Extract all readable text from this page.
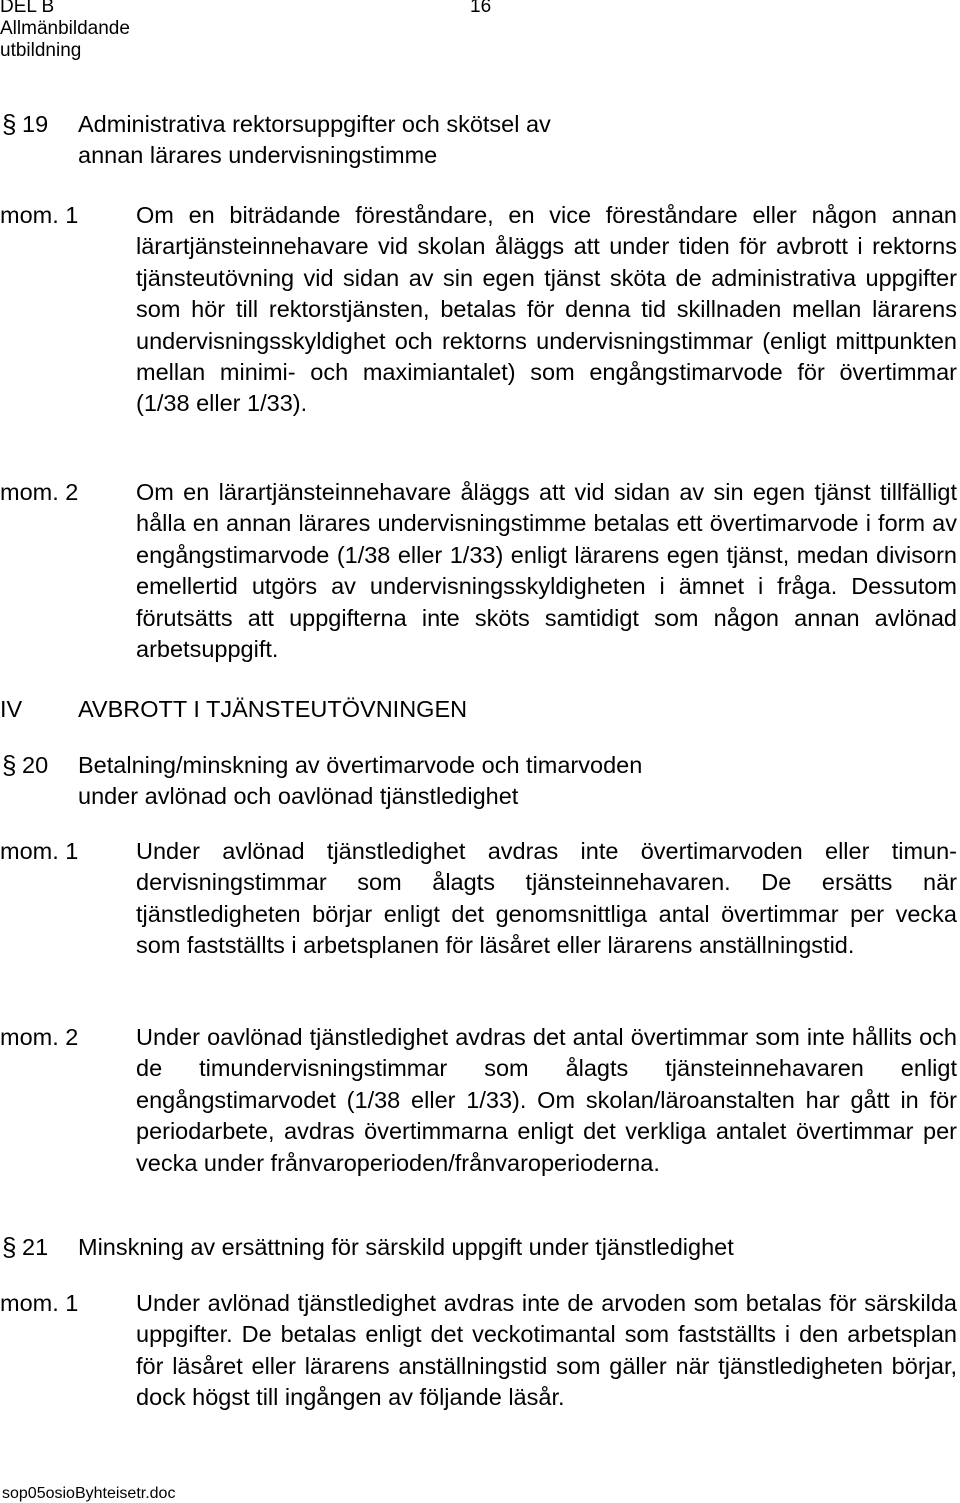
DEL B
Allmänbildande
utbildning
16
§ 19 Administrativa rektorsuppgifter och skötsel av
annan lärares undervisningstimme
mom. 1 Om en biträdande föreståndare, en vice föreståndare eller någon annan lärartjänsteinnehavare vid skolan åläggs att under tiden för avbrott i rektorns tjänsteutövning vid sidan av sin egen tjänst sköta de administrativa uppgifter som hör till rektorstjänsten, betalas för denna tid skillnaden mellan lärarens undervisningsskyldighet och rektorns undervisningstimmar (enligt mittpunkten mellan minimi- och maximiantalet) som engångstimarvode för övertimmar (1/38 eller 1/33).
mom. 2 Om en lärartjänsteinnehavare åläggs att vid sidan av sin egen tjänst tillfälligt hålla en annan lärares undervisningstimme betalas ett övertimarvode i form av engångstimarvode (1/38 eller 1/33) enligt lärarens egen tjänst, medan divisorn emellertid utgörs av undervisningsskyldigheten i ämnet i fråga. Dessutom förutsätts att uppgifterna inte sköts samtidigt som någon annan avlönad arbetsuppgift.
IV AVBROTT I TJÄNSTEUTÖVNINGEN
§ 20 Betalning/minskning av övertimarvode och timarvoden
under avlönad och oavlönad tjänstledighet
mom. 1 Under avlönad tjänstledighet avdras inte övertimarvoden eller timundervisningstimmar som ålagts tjänsteinnehavaren. De ersätts när tjänstledigheten börjar enligt det genomsnittliga antal övertimmar per vecka som fastställts i arbetsplanen för läsåret eller lärarens anställningstid.
mom. 2 Under oavlönad tjänstledighet avdras det antal övertimmar som inte hållits och de timundervisningstimmar som ålagts tjänsteinnehavaren enligt engångstimarvodet (1/38 eller 1/33). Om skolan/läroanstalten har gått in för periodarbete, avdras övertimmarna enligt det verkliga antalet övertimmar per vecka under frånvaroperioden/frånvaroperioderna.
§ 21 Minskning av ersättning för särskild uppgift under tjänstledighet
mom. 1 Under avlönad tjänstledighet avdras inte de arvoden som betalas för särskilda uppgifter. De betalas enligt det veckotimantal som fastställts i den arbetsplan för läsåret eller lärarens anställningstid som gäller när tjänstledigheten börjar, dock högst till ingången av följande läsår.
sop05osioByhteisetr.doc
